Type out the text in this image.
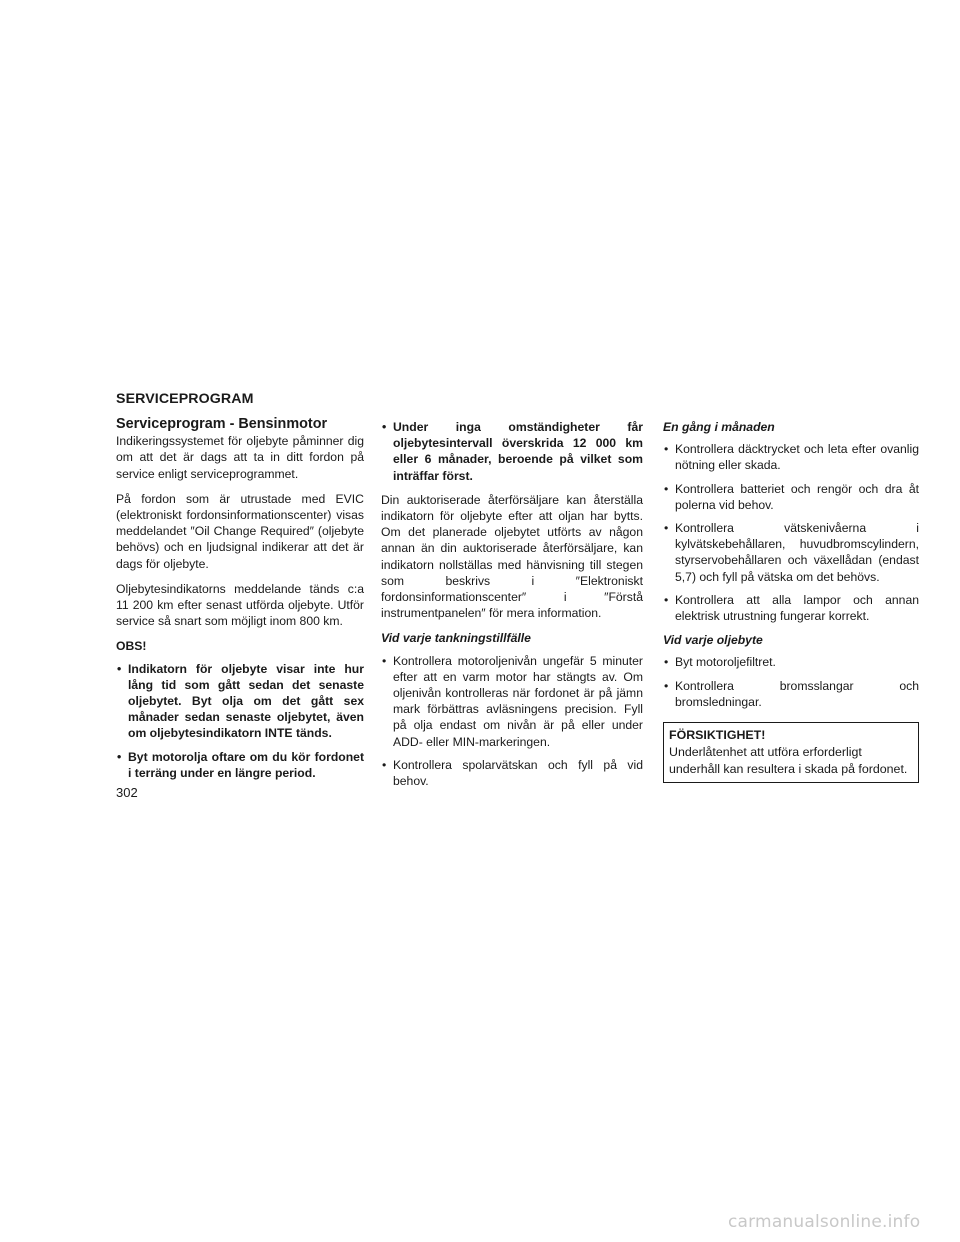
SERVICEPROGRAM
Serviceprogram - Bensinmotor

Indikeringssystemet för oljebyte påminner dig om att det är dags att ta in ditt fordon på service enligt serviceprogrammet.

På fordon som är utrustade med EVIC (elektroniskt fordonsinformationscenter) visas meddelandet ″Oil Change Required″ (oljebyte behövs) och en ljudsignal indikerar att det är dags för oljebyte.

Oljebytesindikatorns meddelande tänds c:a 11 200 km efter senast utförda oljebyte. Utför service så snart som möjligt inom 800 km.

OBS!
• Indikatorn för oljebyte visar inte hur lång tid som gått sedan det senaste oljebytet. Byt olja om det gått sex månader sedan senaste oljebytet, även om oljebytesindikatorn INTE tänds.
• Byt motorolja oftare om du kör fordonet i terräng under en längre period.
• Under inga omständigheter får oljebytesintervall överskrida 12 000 km eller 6 månader, beroende på vilket som inträffar först.

Din auktoriserade återförsäljare kan återställa indikatorn för oljebyte efter att oljan har bytts. Om det planerade oljebytet utförts av någon annan än din auktoriserade återförsäljare, kan indikatorn nollställas med hänvisning till stegen som beskrivs i ″Elektroniskt fordonsinformationscenter″ i ″Förstå instrumentpanelen″ för mera information.

Vid varje tankningstillfälle
• Kontrollera motoroljenivån ungefär 5 minuter efter att en varm motor har stängts av. Om oljenivån kontrolleras när fordonet är på jämn mark förbättras avläsningens precision. Fyll på olja endast om nivån är på eller under ADD- eller MIN-markeringen.
• Kontrollera spolarvätskan och fyll på vid behov.
En gång i månaden
• Kontrollera däcktrycket och leta efter ovanlig nötning eller skada.
• Kontrollera batteriet och rengör och dra åt polerna vid behov.
• Kontrollera vätskenivåerna i kylvätskebehållaren, huvudbromscylindern, styrservobehållaren och växellådan (endast 5,7) och fyll på vätska om det behövs.
• Kontrollera att alla lampor och annan elektrisk utrustning fungerar korrekt.
Vid varje oljebyte
• Byt motoroljefiltret.
• Kontrollera bromsslangar och bromsledningar.
FÖRSIKTIGHET!
Underlåtenhet att utföra erforderligt underhåll kan resultera i skada på fordonet.
302
carmanualsonline.info
